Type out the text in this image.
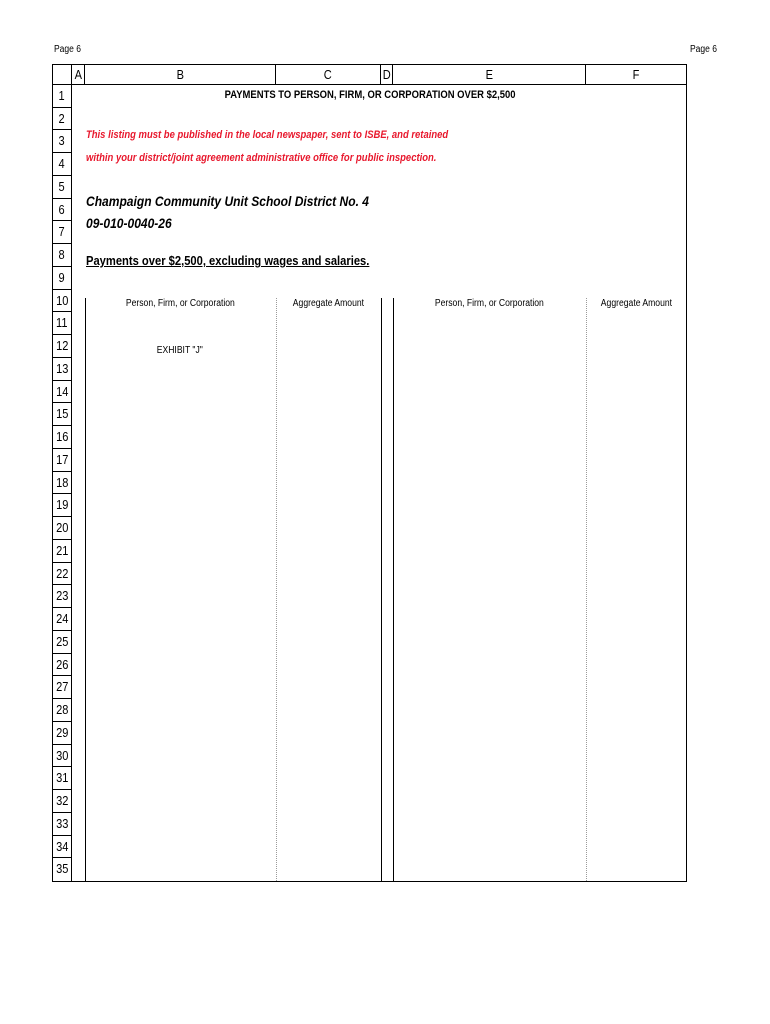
Page 6	Page 6
A	B	C	D	E	F
PAYMENTS TO PERSON, FIRM, OR CORPORATION OVER $2,500
This listing must be published in the local newspaper, sent to ISBE, and retained
within your district/joint agreement administrative office for public inspection.
Champaign Community Unit School District No. 4
09-010-0040-26
Payments over $2,500, excluding wages and salaries.
Person, Firm, or Corporation	Aggregate Amount	Person, Firm, or Corporation	Aggregate Amount
EXHIBIT "J"
1
2
3
4
5
6
7
8
9
10
11
12
13
14
15
16
17
18
19
20
21
22
23
24
25
26
27
28
29
30
31
32
33
34
35
